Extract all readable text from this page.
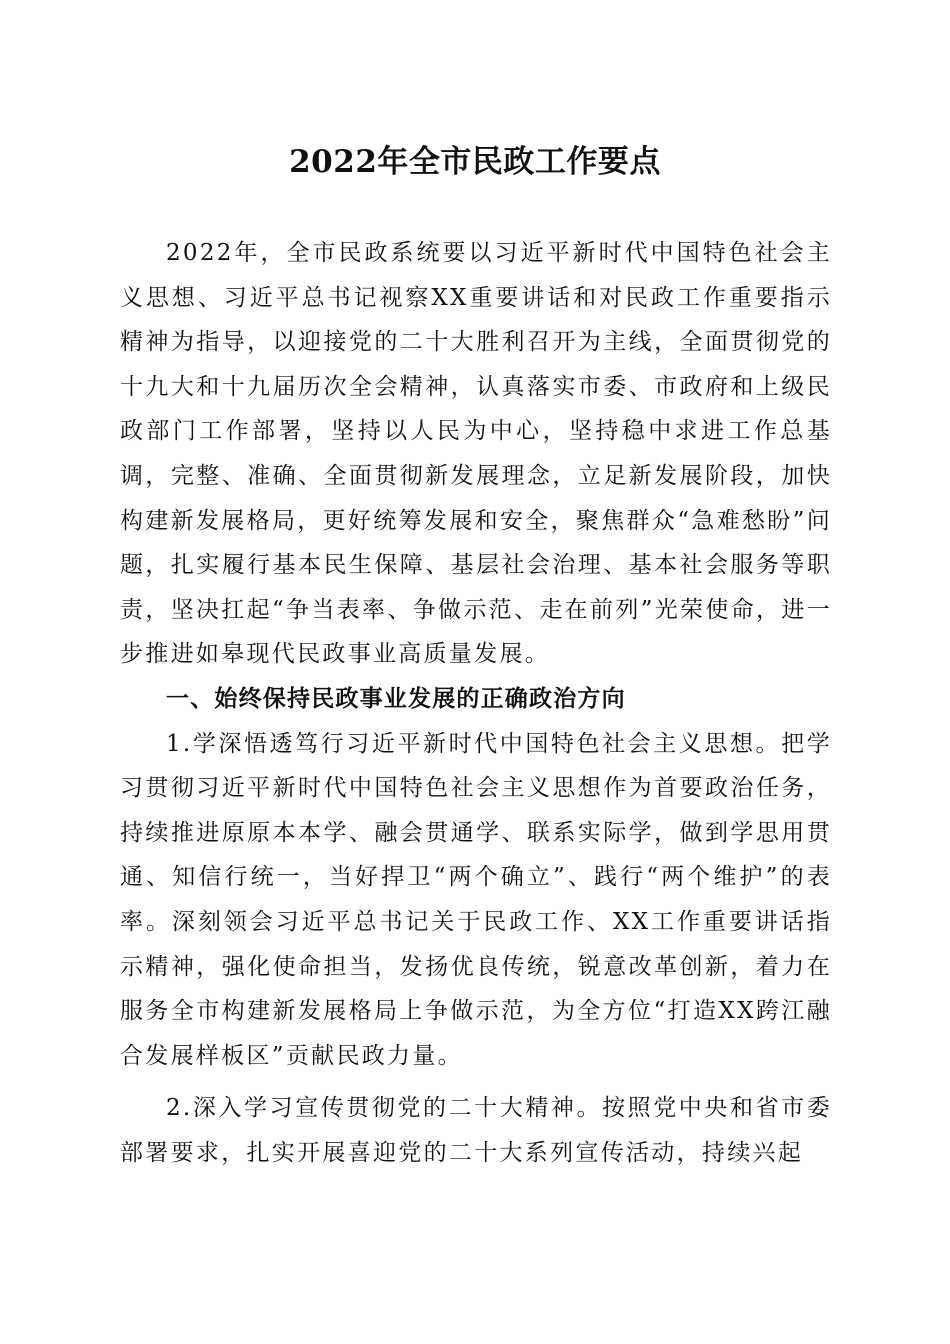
2022年全市民政工作要点

2022年，全市民政系统要以习近平新时代中国特色社会主义思想、习近平总书记视察XX重要讲话和对民政工作重要指示精神为指导，以迎接党的二十大胜利召开为主线，全面贯彻党的十九大和十九届历次全会精神，认真落实市委、市政府和上级民政部门工作部署，坚持以人民为中心，坚持稳中求进工作总基调，完整、准确、全面贯彻新发展理念，立足新发展阶段，加快构建新发展格局，更好统筹发展和安全，聚焦群众“急难愁盼”问题，扎实履行基本民生保障、基层社会治理、基本社会服务等职责，坚决扛起“争当表率、争做示范、走在前列”光荣使命，进一步推进如皋现代民政事业高质量发展。

一、始终保持民政事业发展的正确政治方向

1.学深悟透笃行习近平新时代中国特色社会主义思想。把学习贯彻习近平新时代中国特色社会主义思想作为首要政治任务，持续推进原原本本学、融会贯通学、联系实际学，做到学思用贯通、知信行统一，当好捍卫“两个确立”、践行“两个维护”的表率。深刻领会习近平总书记关于民政工作、XX工作重要讲话指示精神，强化使命担当，发扬优良传统，锐意改革创新，着力在服务全市构建新发展格局上争做示范，为全方位“打造XX跨江融合发展样板区”贡献民政力量。

2.深入学习宣传贯彻党的二十大精神。按照党中央和省市委部署要求，扎实开展喜迎党的二十大系列宣传活动，持续兴起
